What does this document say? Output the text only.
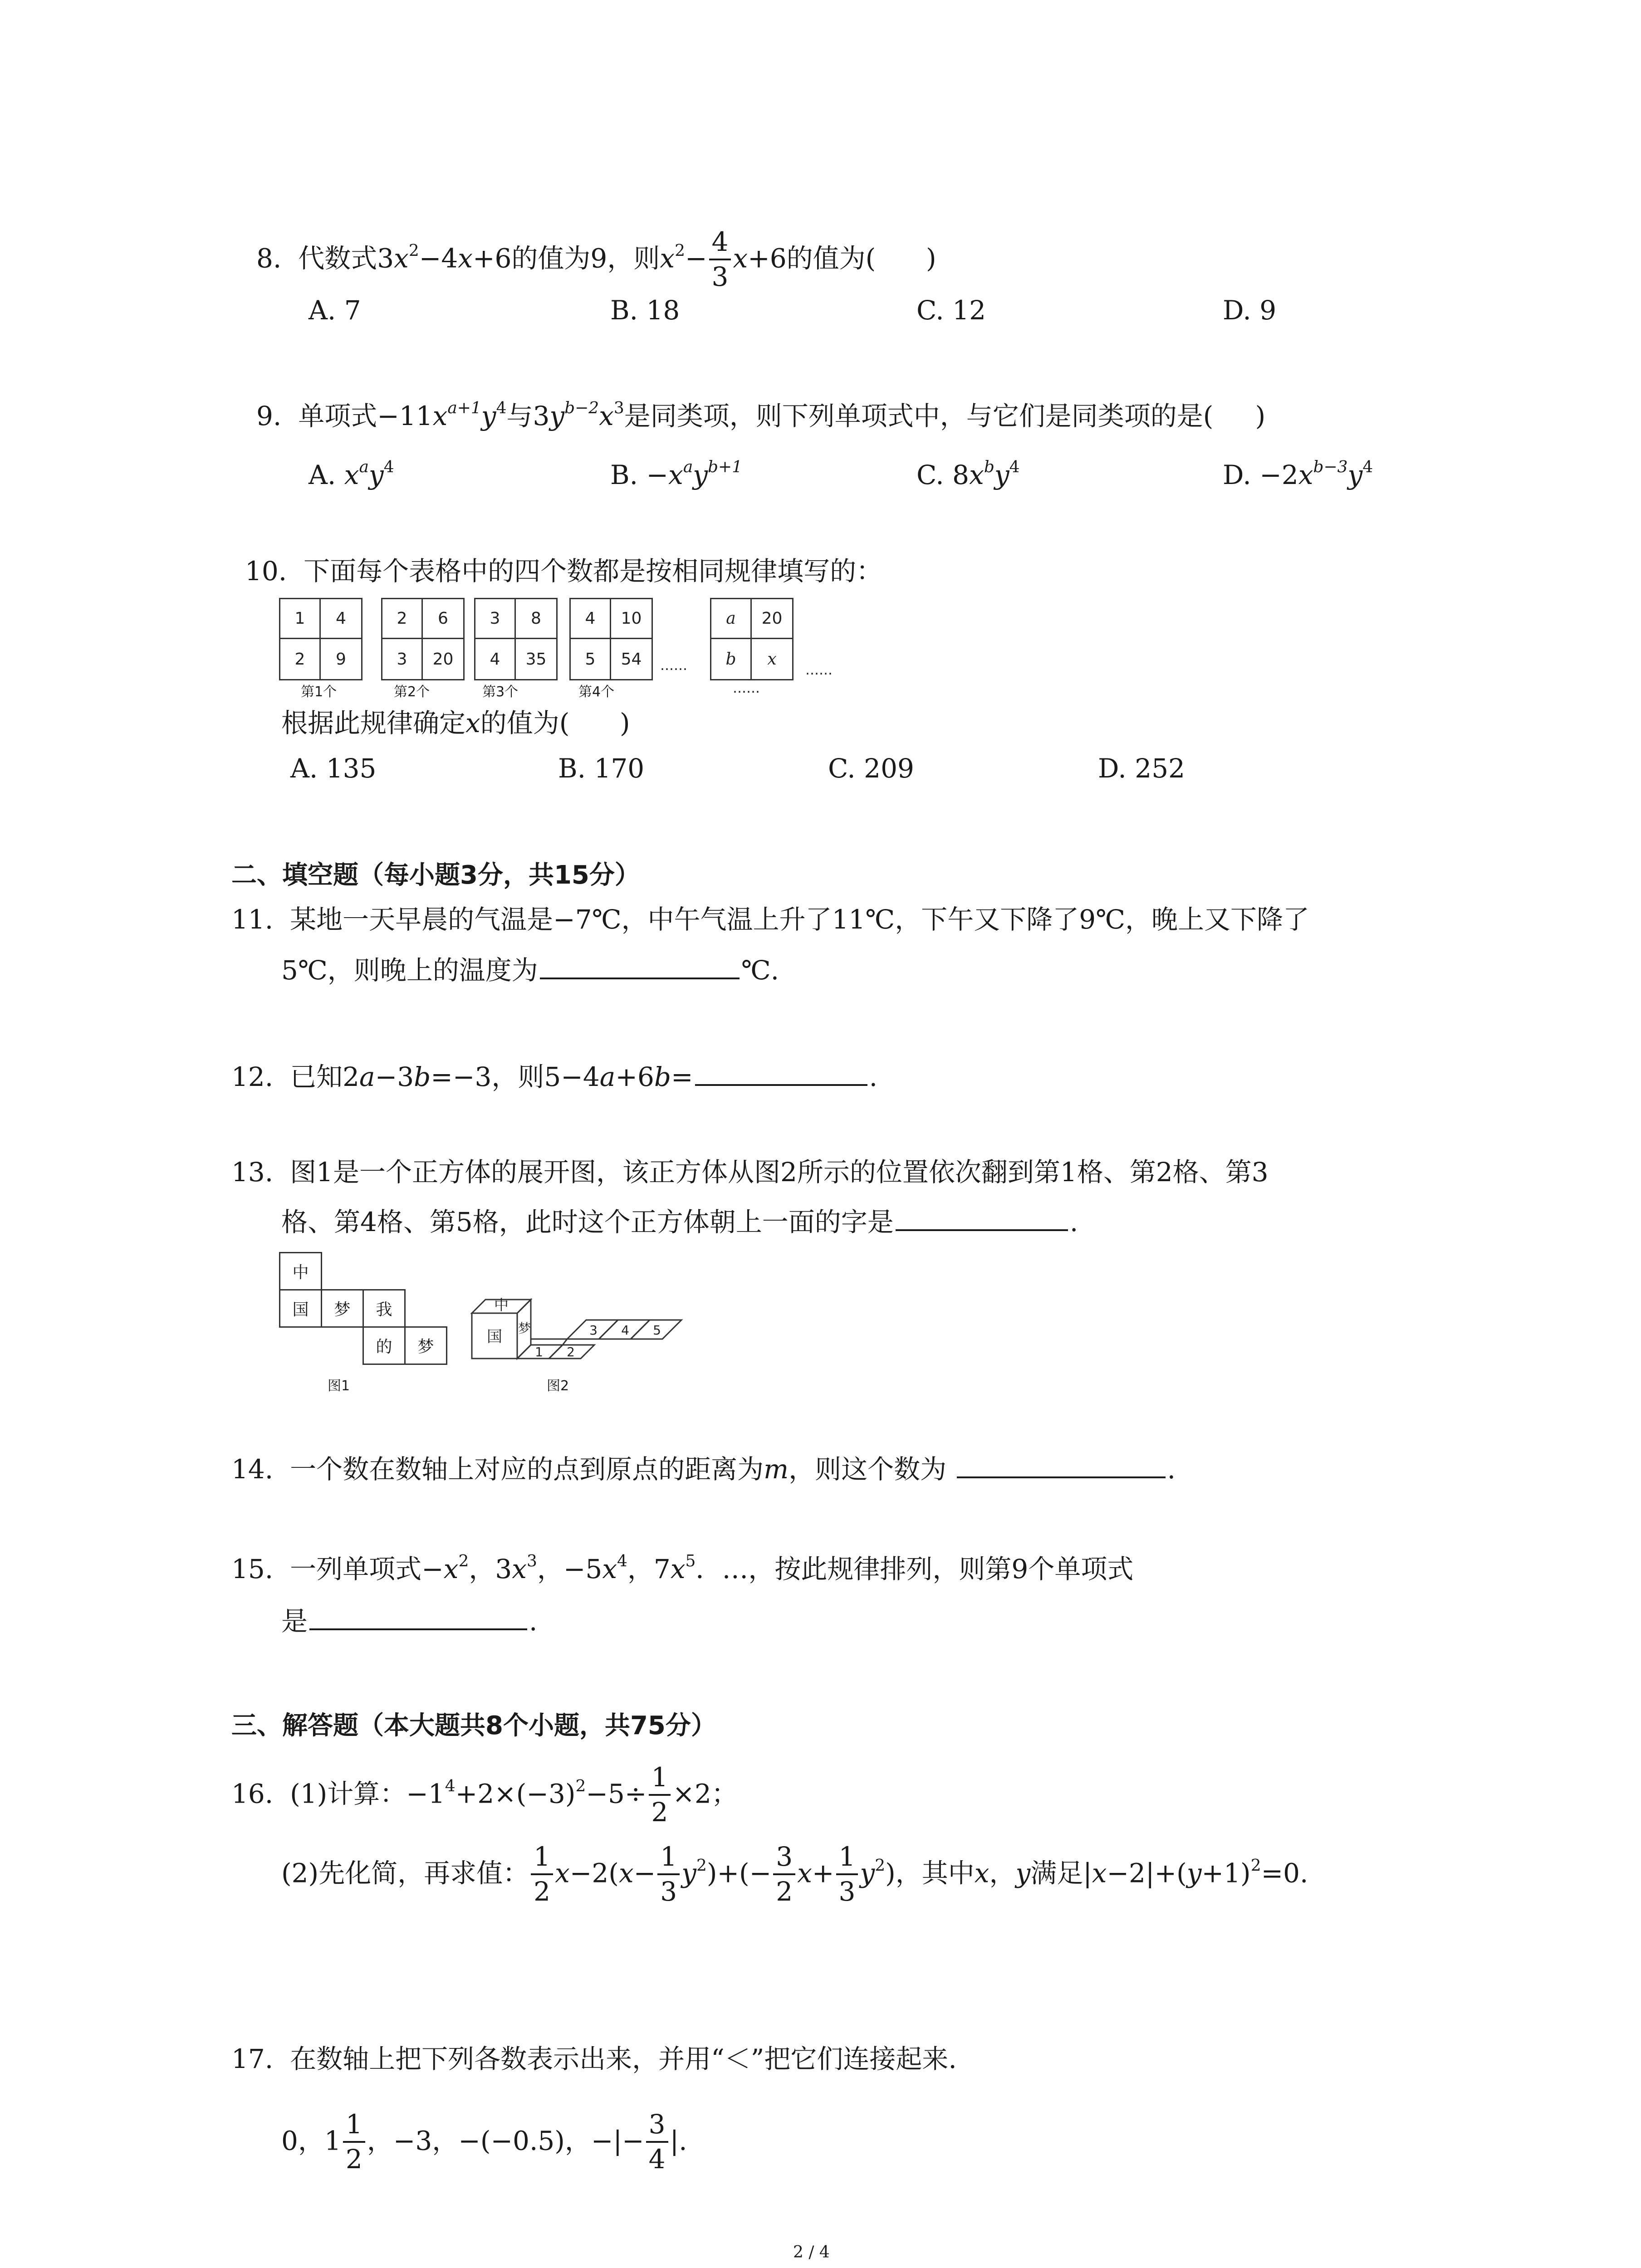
8. 代数式$3x^2-4x+6$的值为9，则$x^2- \frac{4}{3} x+6$的值为( )
A. 7	B. 18	C. 12	D. 9
9. 单项式$-11x^{a+1}y^4$与$3y^{b-2}x^3$是同类项，则下列单项式中，与它们是同类项的是( )
A. $x^ay^4$	B. $-x^ay^{b+1}$	C. $8x^by^4$	D. $-2x^{b-3}y^4$
10. 下面每个表格中的四个数都是按相同规律填写的：
1	4
2	9
第1个
2	6
3	20
第2个
3	8
4	35
第3个
4	10
5	54
第4个
……
a	20
b	x
……
……
根据此规律确定x的值为( )
A. 135	B. 170	C. 209	D. 252
二、填空题（每小题3分，共15分）
11. 某地一天早晨的气温是−7℃，中午气温上升了11℃，下午又下降了9℃，晚上又下降了
5℃，则晚上的温度为	℃.
12. 已知2a−3b=−3，则5−4a+6b=	.
13. 图1是一个正方体的展开图，该正方体从图2所示的位置依次翻到第1格、第2格、第3
格、第4格、第5格，此时这个正方体朝上一面的字是	.
中
国	梦	我
的	梦
图1
中
国 梦
1 2
3 4 5
图2
14. 一个数在数轴上对应的点到原点的距离为m，则这个数为	.
15. 一列单项式$-x^2$，$3x^3$，$-5x^4$，$7x^5$．…，按此规律排列，则第9个单项式
是	.
三、解答题（本大题共8个小题，共75分）
16. (1)计算：$-1^4+2\times(-3)^2-5\div \frac{1}{2} \times 2$；
(2)先化简，再求值： $\frac{1}{2} x-2(x- \frac{1}{3} y^2)+(- \frac{3}{2} x+ \frac{1}{3} y^2)$，其中x，y满足$|x-2|+(y+1)^2=0$.
17. 在数轴上把下列各数表示出来，并用“＜”把它们连接起来.
0，$1 \frac{1}{2}$ ，−3，−(−0.5)，−|− $\frac{3}{4}$ |.
2 / 4
